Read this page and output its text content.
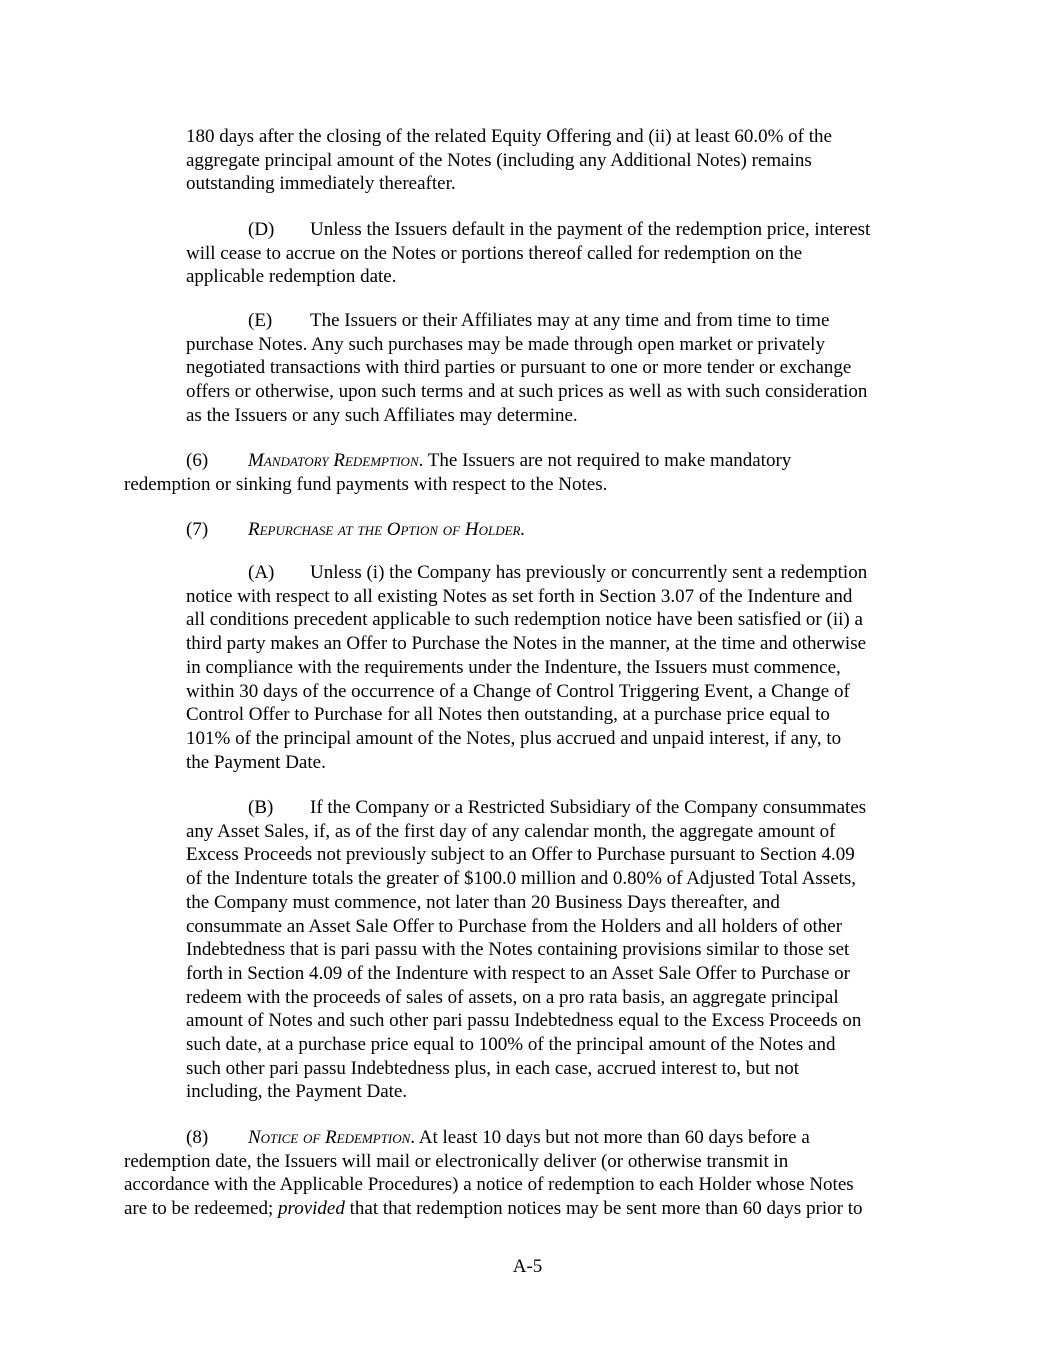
180 days after the closing of the related Equity Offering and (ii) at least 60.0% of the
aggregate principal amount of the Notes (including any Additional Notes) remains
outstanding immediately thereafter.
(D) Unless the Issuers default in the payment of the redemption price, interest
will cease to accrue on the Notes or portions thereof called for redemption on the
applicable redemption date.
(E) The Issuers or their Affiliates may at any time and from time to time
purchase Notes. Any such purchases may be made through open market or privately
negotiated transactions with third parties or pursuant to one or more tender or exchange
offers or otherwise, upon such terms and at such prices as well as with such consideration
as the Issuers or any such Affiliates may determine.
(6) Mandatory Redemption. The Issuers are not required to make mandatory
redemption or sinking fund payments with respect to the Notes.
(7) Repurchase at the Option of Holder.
(A) Unless (i) the Company has previously or concurrently sent a redemption
notice with respect to all existing Notes as set forth in Section 3.07 of the Indenture and
all conditions precedent applicable to such redemption notice have been satisfied or (ii) a
third party makes an Offer to Purchase the Notes in the manner, at the time and otherwise
in compliance with the requirements under the Indenture, the Issuers must commence,
within 30 days of the occurrence of a Change of Control Triggering Event, a Change of
Control Offer to Purchase for all Notes then outstanding, at a purchase price equal to
101% of the principal amount of the Notes, plus accrued and unpaid interest, if any, to
the Payment Date.
(B) If the Company or a Restricted Subsidiary of the Company consummates
any Asset Sales, if, as of the first day of any calendar month, the aggregate amount of
Excess Proceeds not previously subject to an Offer to Purchase pursuant to Section 4.09
of the Indenture totals the greater of $100.0 million and 0.80% of Adjusted Total Assets,
the Company must commence, not later than 20 Business Days thereafter, and
consummate an Asset Sale Offer to Purchase from the Holders and all holders of other
Indebtedness that is pari passu with the Notes containing provisions similar to those set
forth in Section 4.09 of the Indenture with respect to an Asset Sale Offer to Purchase or
redeem with the proceeds of sales of assets, on a pro rata basis, an aggregate principal
amount of Notes and such other pari passu Indebtedness equal to the Excess Proceeds on
such date, at a purchase price equal to 100% of the principal amount of the Notes and
such other pari passu Indebtedness plus, in each case, accrued interest to, but not
including, the Payment Date.
(8) Notice of Redemption. At least 10 days but not more than 60 days before a
redemption date, the Issuers will mail or electronically deliver (or otherwise transmit in
accordance with the Applicable Procedures) a notice of redemption to each Holder whose Notes
are to be redeemed; provided that that redemption notices may be sent more than 60 days prior to
A-5
